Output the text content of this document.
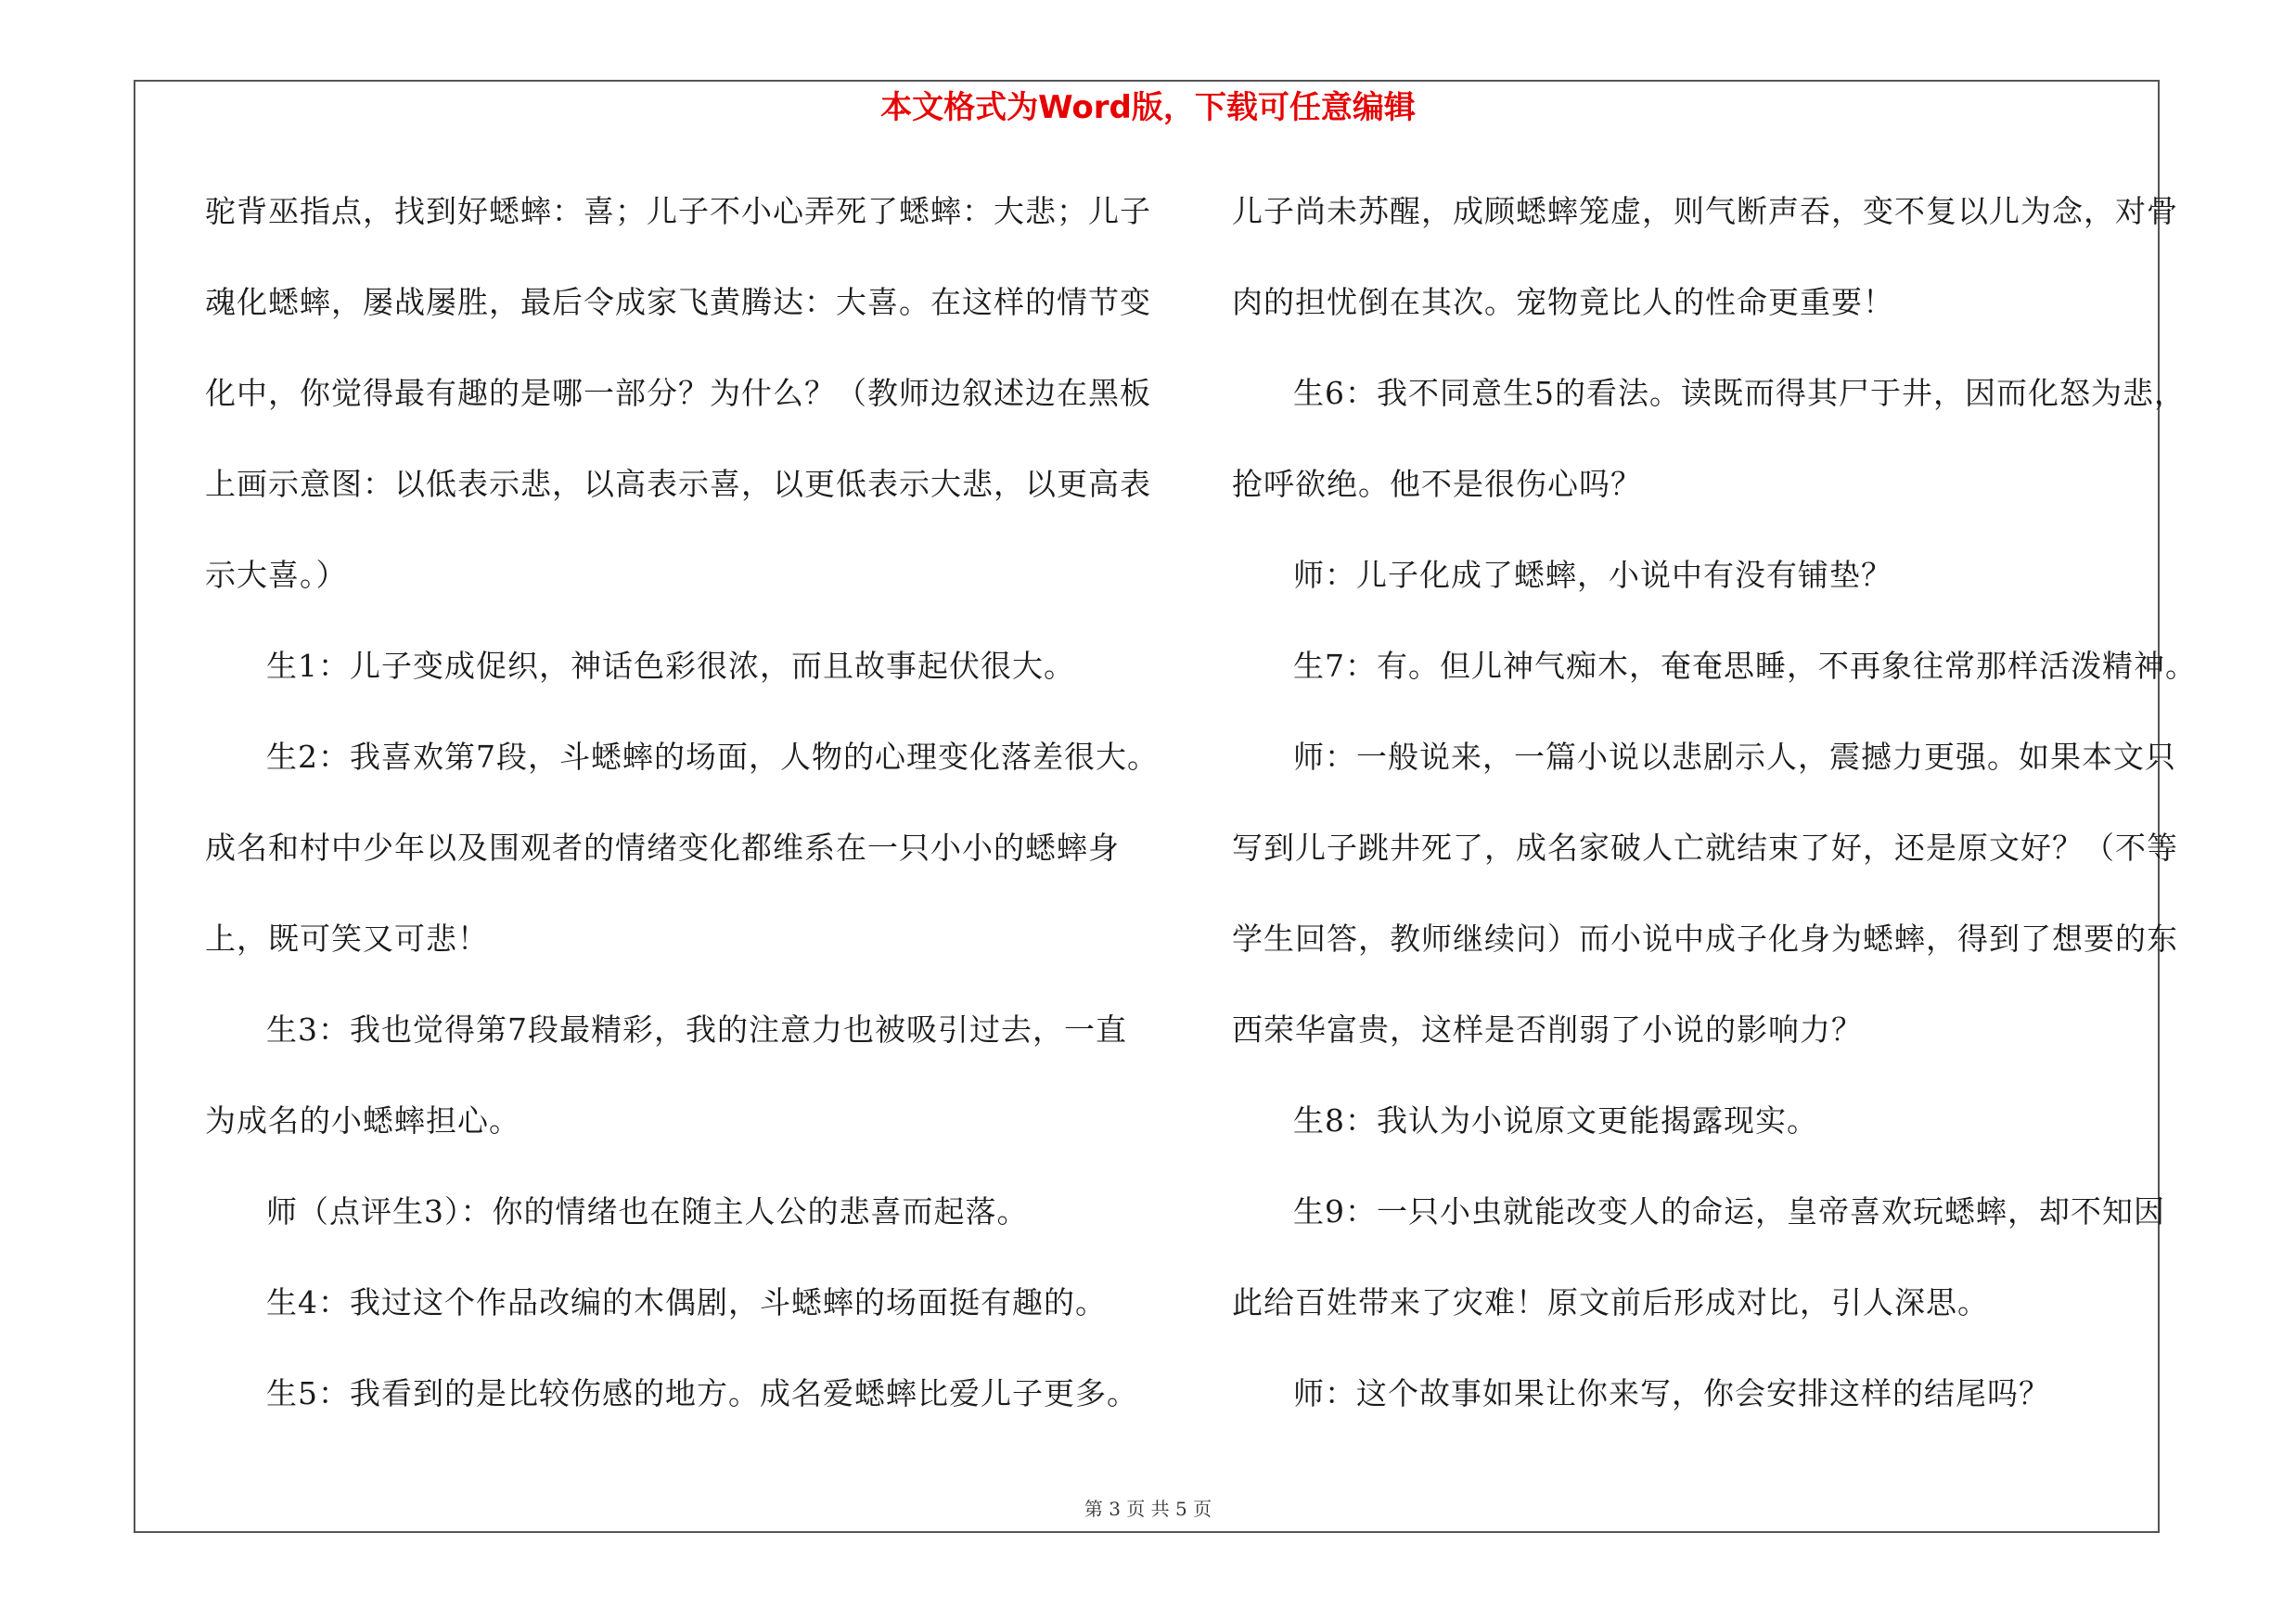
本文格式为Word版，下载可任意编辑
驼背巫指点，找到好蟋蟀：喜；儿子不小心弄死了蟋蟀：大悲；儿子
魂化蟋蟀，屡战屡胜，最后令成家飞黄腾达：大喜。在这样的情节变
化中，你觉得最有趣的是哪一部分？为什么？（教师边叙述边在黑板
上画示意图：以低表示悲，以高表示喜，以更低表示大悲，以更高表
示大喜。）
生1：儿子变成促织，神话色彩很浓，而且故事起伏很大。
生2：我喜欢第7段，斗蟋蟀的场面，人物的心理变化落差很大。
成名和村中少年以及围观者的情绪变化都维系在一只小小的蟋蟀身
上，既可笑又可悲！
生3：我也觉得第7段最精彩，我的注意力也被吸引过去，一直
为成名的小蟋蟀担心。
师（点评生3）：你的情绪也在随主人公的悲喜而起落。
生4：我过这个作品改编的木偶剧，斗蟋蟀的场面挺有趣的。
生5：我看到的是比较伤感的地方。成名爱蟋蟀比爱儿子更多。
儿子尚未苏醒，成顾蟋蟀笼虚，则气断声吞，变不复以儿为念，对骨
肉的担忧倒在其次。宠物竟比人的性命更重要！
生6：我不同意生5的看法。读既而得其尸于井，因而化怒为悲，
抢呼欲绝。他不是很伤心吗？
师：儿子化成了蟋蟀，小说中有没有铺垫？
生7：有。但儿神气痴木，奄奄思睡，不再象往常那样活泼精神。
师：一般说来，一篇小说以悲剧示人，震撼力更强。如果本文只
写到儿子跳井死了，成名家破人亡就结束了好，还是原文好？（不等
学生回答，教师继续问）而小说中成子化身为蟋蟀，得到了想要的东
西荣华富贵，这样是否削弱了小说的影响力？
生8：我认为小说原文更能揭露现实。
生9：一只小虫就能改变人的命运，皇帝喜欢玩蟋蟀，却不知因
此给百姓带来了灾难！原文前后形成对比，引人深思。
师：这个故事如果让你来写，你会安排这样的结尾吗？
第 3 页 共 5 页
